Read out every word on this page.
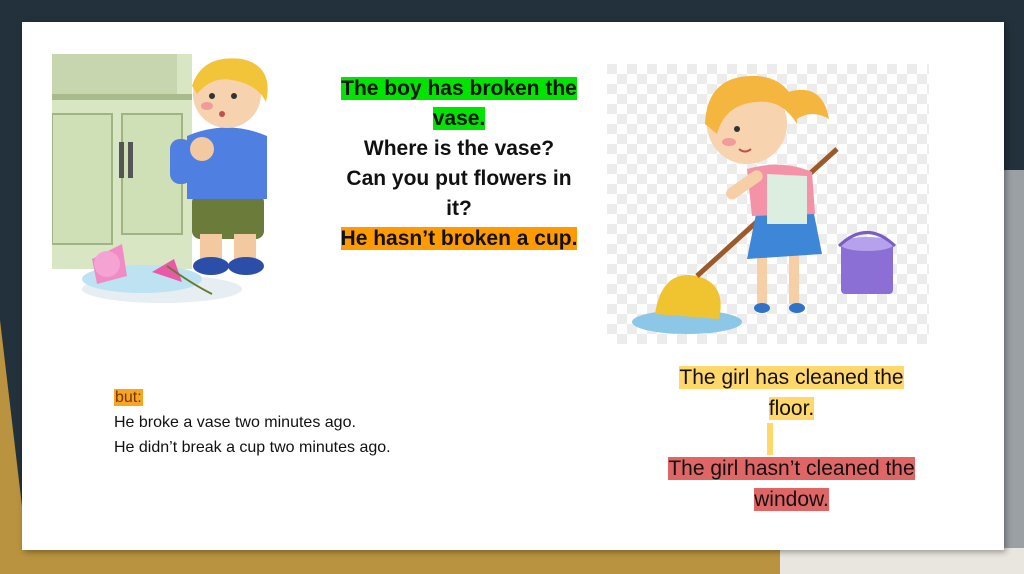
The boy has broken the
vase.
Where is the vase?
Can you put flowers in
it?
He hasn’t broken a cup.
but:
He broke a vase two minutes ago.
He didn’t break a cup two minutes ago.
The girl has cleaned the
floor.
The girl hasn’t cleaned the
window.
